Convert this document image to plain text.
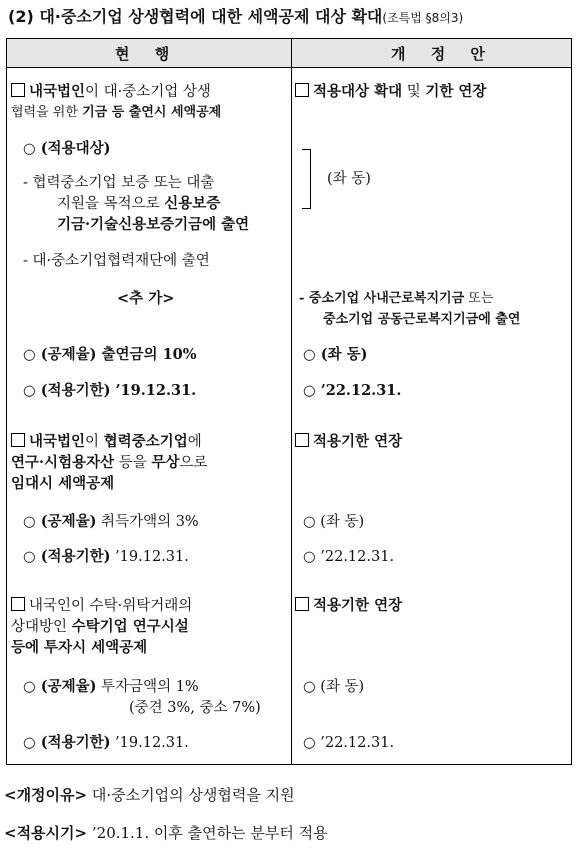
(2) 대·중소기업 상생협력에 대한 세액공제 대상 확대(조특법 §8의3)
현 행	개 정 안
내국법인이 대·중소기업 상생
협력을 위한 기금 등 출연시 세액공제
○ (적용대상)
- 협력중소기업 보증 또는 대출
지원을 목적으로 신용보증
기금·기술신용보증기금에 출연
- 대·중소기업협력재단에 출연
<추 가>
○ (공제율) 출연금의 10%
○ (적용기한) ’19.12.31.
적용대상 확대 및 기한 연장
(좌 동)
- 중소기업 사내근로복지기금 또는
중소기업 공동근로복지기금에 출연
○ (좌 동)
○ ’22.12.31.
내국법인이 협력중소기업에
연구·시험용자산 등을 무상으로
임대시 세액공제
○ (공제율) 취득가액의 3%
○ (적용기한) ’19.12.31.
적용기한 연장
○ (좌 동)
○ ’22.12.31.
내국인이 수탁·위탁거래의
상대방인 수탁기업 연구시설
등에 투자시 세액공제
○ (공제율) 투자금액의 1%
(중견 3%, 중소 7%)
○ (적용기한) ’19.12.31.
적용기한 연장
○ (좌 동)
○ ’22.12.31.
<개정이유> 대·중소기업의 상생협력을 지원
<적용시기> ’20.1.1. 이후 출연하는 분부터 적용
